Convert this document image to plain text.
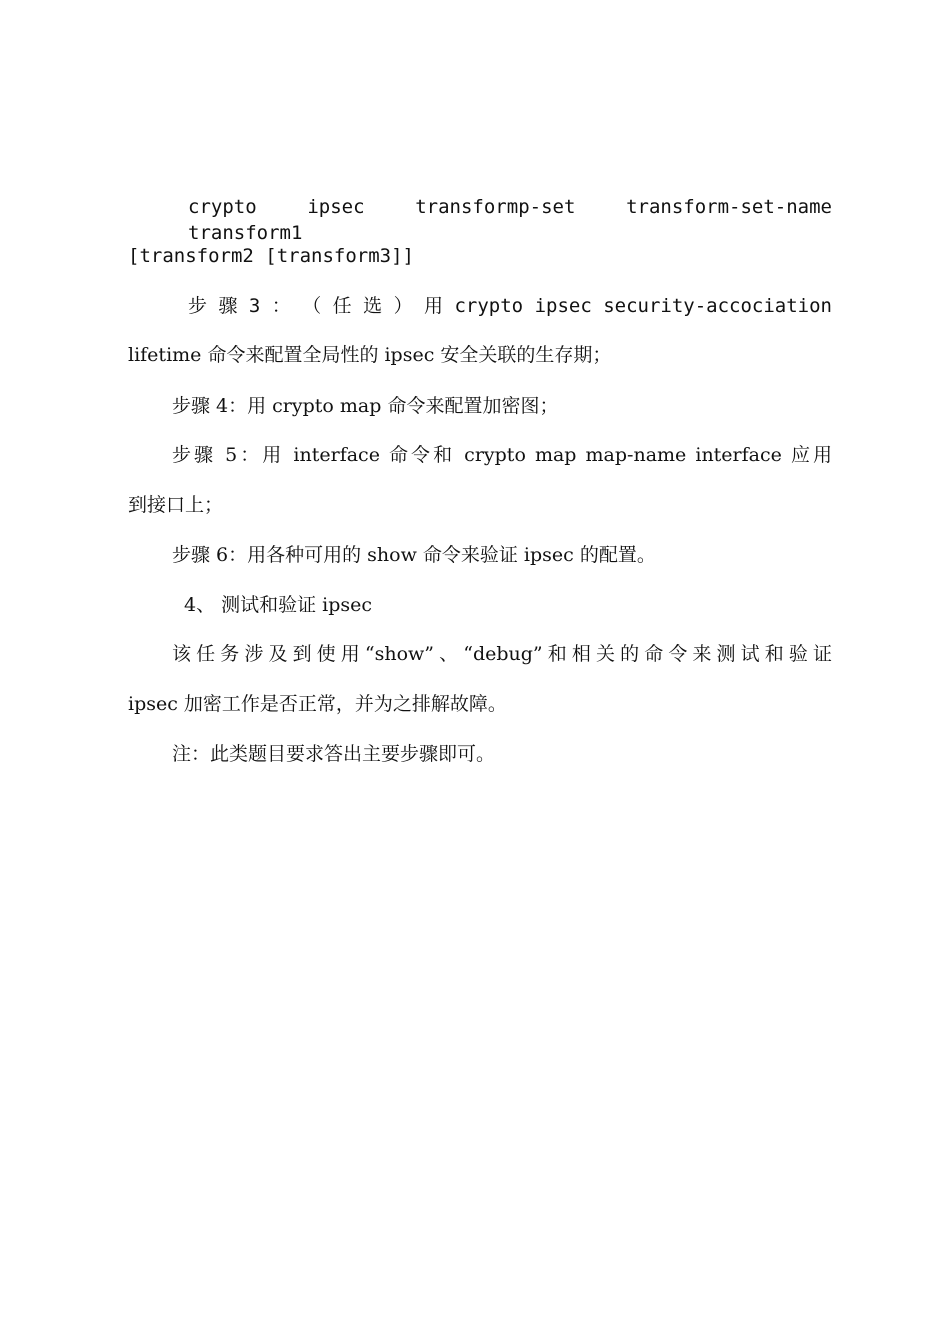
crypto ipsec transformp-set transform-set-name transform1
[transform2 [transform3]]
步 骤 3 ： （ 任 选 ） 用 crypto ipsec security-accociation
lifetime 命令来配置全局性的 ipsec 安全关联的生存期；
步骤 4：用 crypto map 命令来配置加密图；
步骤 5：用 interface 命令和 crypto map map-name interface 应用
到接口上；
步骤 6：用各种可用的 show 命令来验证 ipsec 的配置。
4、 测试和验证 ipsec
该任务涉及到使用“show”、“debug”和相关的命令来测试和验证
ipsec 加密工作是否正常，并为之排解故障。
注：此类题目要求答出主要步骤即可。
